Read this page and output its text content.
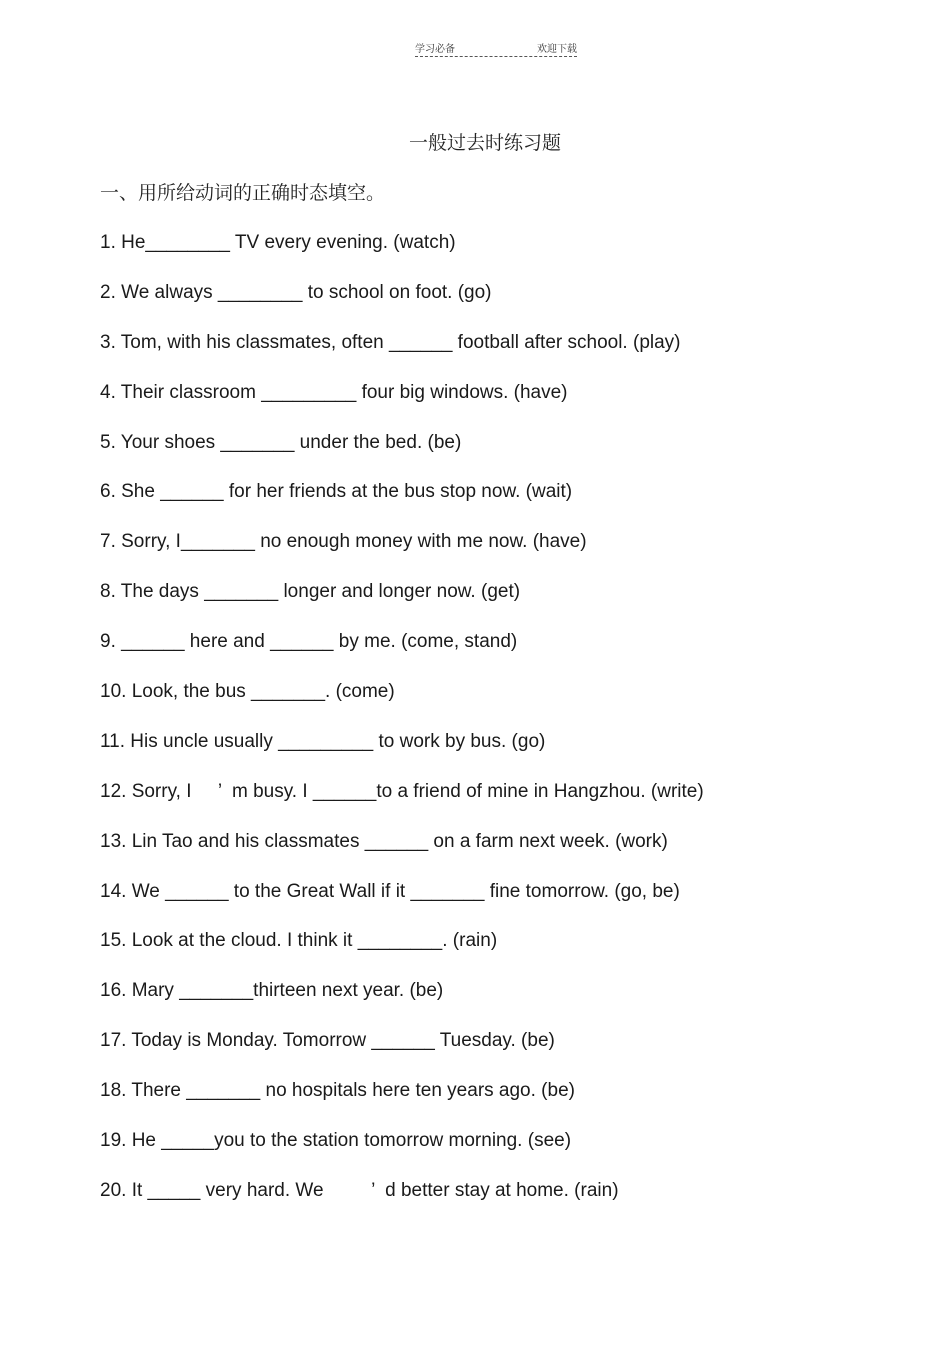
学习必备	欢迎下载
一般过去时练习题
一、用所给动词的正确时态填空。
1. He________ TV every evening. (watch)
2. We always ________ to school on foot. (go)
3. Tom, with his classmates, often ______ football after school. (play)
4. Their classroom _________ four big windows. (have)
5. Your shoes _______ under the bed. (be)
6. She ______ for her friends at the bus stop now. (wait)
7. Sorry, I_______ no enough money with me now. (have)
8. The days _______ longer and longer now. (get)
9. ______ here and ______ by me. (come, stand)
10. Look, the bus _______. (come)
11. His uncle usually _________ to work by bus. (go)
12. Sorry, I     ’  m busy. I ______to a friend of mine in Hangzhou. (write)
13. Lin Tao and his classmates ______ on a farm next week. (work)
14. We ______ to the Great Wall if it _______ fine tomorrow. (go, be)
15. Look at the cloud. I think it ________. (rain)
16. Mary _______thirteen next year. (be)
17. Today is Monday. Tomorrow ______ Tuesday. (be)
18. There _______ no hospitals here ten years ago. (be)
19. He _____you to the station tomorrow morning. (see)
20. It _____ very hard. We         ’  d better stay at home. (rain)
